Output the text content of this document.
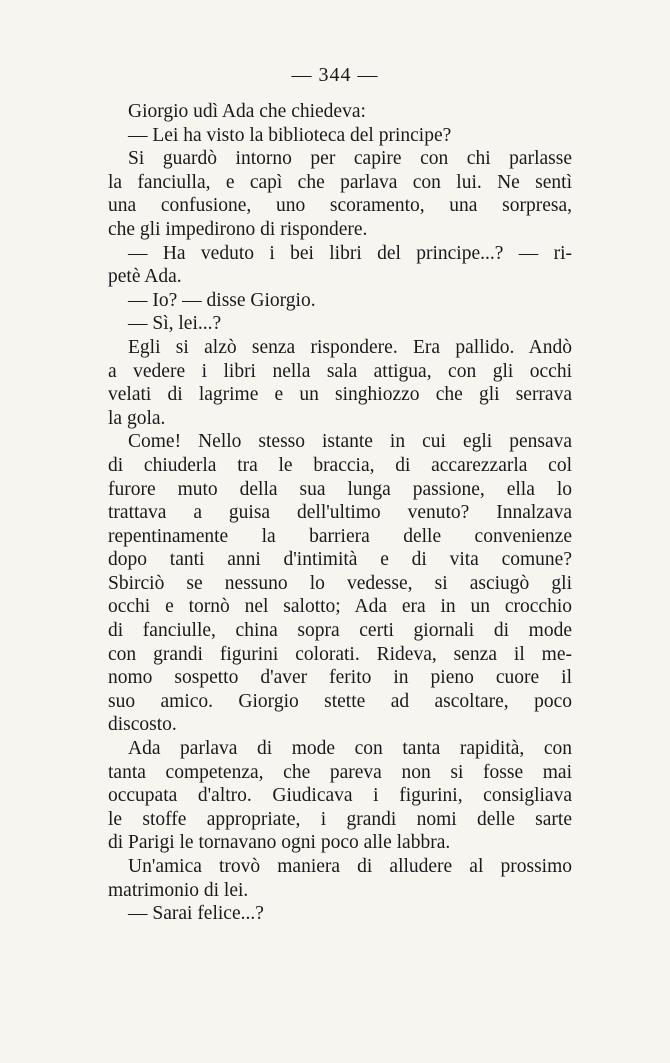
— 344 —
Giorgio udì Ada che chiedeva:
— Lei ha visto la biblioteca del principe?
Si guardò intorno per capire con chi parlasse
la fanciulla, e capì che parlava con lui. Ne sentì
una confusione, uno scoramento, una sorpresa,
che gli impedirono di rispondere.
— Ha veduto i bei libri del principe...? — ri-
petè Ada.
— Io? — disse Giorgio.
— Sì, lei...?
Egli si alzò senza rispondere. Era pallido. Andò
a vedere i libri nella sala attigua, con gli occhi
velati di lagrime e un singhiozzo che gli serrava
la gola.
Come! Nello stesso istante in cui egli pensava
di chiuderla tra le braccia, di accarezzarla col
furore muto della sua lunga passione, ella lo
trattava a guisa dell'ultimo venuto? Innalzava
repentinamente la barriera delle convenienze
dopo tanti anni d'intimità e di vita comune?
Sbirciò se nessuno lo vedesse, si asciugò gli
occhi e tornò nel salotto; Ada era in un crocchio
di fanciulle, china sopra certi giornali di mode
con grandi figurini colorati. Rideva, senza il me-
nomo sospetto d'aver ferito in pieno cuore il
suo amico. Giorgio stette ad ascoltare, poco
discosto.
Ada parlava di mode con tanta rapidità, con
tanta competenza, che pareva non si fosse mai
occupata d'altro. Giudicava i figurini, consigliava
le stoffe appropriate, i grandi nomi delle sarte
di Parigi le tornavano ogni poco alle labbra.
Un'amica trovò maniera di alludere al prossimo
matrimonio di lei.
— Sarai felice...?
